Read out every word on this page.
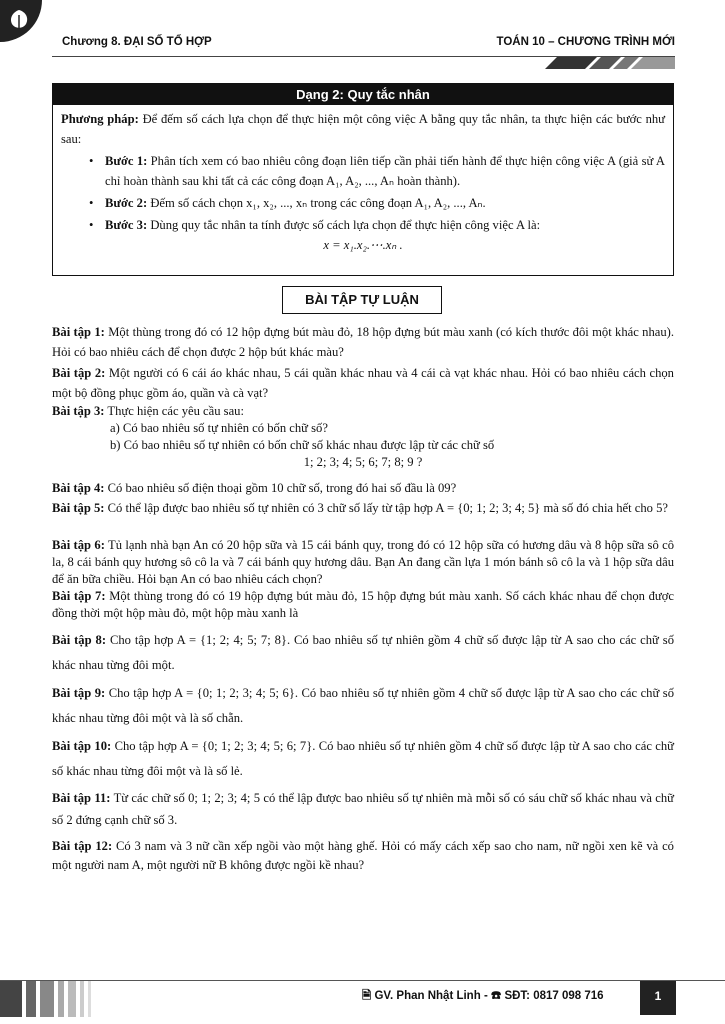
Chương 8. ĐẠI SỐ TỔ HỢP	TOÁN 10 – CHƯƠNG TRÌNH MỚI
Dạng 2: Quy tắc nhân

Phương pháp: Để đếm số cách lựa chọn để thực hiện một công việc A bằng quy tắc nhân, ta thực hiện các bước như sau:

• Bước 1: Phân tích xem có bao nhiêu công đoạn liên tiếp cần phải tiến hành để thực hiện công việc A (giả sử A chỉ hoàn thành sau khi tất cả các công đoạn A₁, A₂, ..., Aₙ hoàn thành).
• Bước 2: Đếm số cách chọn x₁, x₂, ..., xₙ trong các công đoạn A₁, A₂, ..., Aₙ.
• Bước 3: Dùng quy tắc nhân ta tính được số cách lựa chọn để thực hiện công việc A là:
x = x₁.x₂.⋯.xₙ .
BÀI TẬP TỰ LUẬN
Bài tập 1: Một thùng trong đó có 12 hộp đựng bút màu đỏ, 18 hộp đựng bút màu xanh (có kích thước đôi một khác nhau). Hỏi có bao nhiêu cách để chọn được 2 hộp bút khác màu?
Bài tập 2: Một người có 6 cái áo khác nhau, 5 cái quần khác nhau và 4 cái cà vạt khác nhau. Hỏi có bao nhiêu cách chọn một bộ đồng phục gồm áo, quần và cà vạt?
Bài tập 3: Thực hiện các yêu cầu sau:
a) Có bao nhiêu số tự nhiên có bốn chữ số?
b) Có bao nhiêu số tự nhiên có bốn chữ số khác nhau được lập từ các chữ số
1; 2; 3; 4; 5; 6; 7; 8; 9 ?
Bài tập 4: Có bao nhiêu số điện thoại gồm 10 chữ số, trong đó hai số đầu là 09?
Bài tập 5: Có thể lập được bao nhiêu số tự nhiên có 3 chữ số lấy từ tập hợp A = {0; 1; 2; 3; 4; 5} mà số đó chia hết cho 5?
Bài tập 6: Tủ lạnh nhà bạn An có 20 hộp sữa và 15 cái bánh quy, trong đó có 12 hộp sữa có hương dâu và 8 hộp sữa sô cô la, 8 cái bánh quy hương sô cô la và 7 cái bánh quy hương dâu. Bạn An đang cần lựa 1 món bánh sô cô la và 1 hộp sữa dâu để ăn bữa chiều. Hỏi bạn An có bao nhiêu cách chọn?
Bài tập 7: Một thùng trong đó có 19 hộp đựng bút màu đỏ, 15 hộp đựng bút màu xanh. Số cách khác nhau để chọn được đồng thời một hộp màu đỏ, một hộp màu xanh là
Bài tập 8: Cho tập hợp A = {1; 2; 4; 5; 7; 8}. Có bao nhiêu số tự nhiên gồm 4 chữ số được lập từ A sao cho các chữ số khác nhau từng đôi một.
Bài tập 9: Cho tập hợp A = {0; 1; 2; 3; 4; 5; 6}. Có bao nhiêu số tự nhiên gồm 4 chữ số được lập từ A sao cho các chữ số khác nhau từng đôi một và là số chẵn.
Bài tập 10: Cho tập hợp A = {0; 1; 2; 3; 4; 5; 6; 7}. Có bao nhiêu số tự nhiên gồm 4 chữ số được lập từ A sao cho các chữ số khác nhau từng đôi một và là số lẻ.
Bài tập 11: Từ các chữ số 0; 1; 2; 3; 4; 5 có thể lập được bao nhiêu số tự nhiên mà mỗi số có sáu chữ số khác nhau và chữ số 2 đứng cạnh chữ số 3.
Bài tập 12: Có 3 nam và 3 nữ cần xếp ngồi vào một hàng ghế. Hỏi có mấy cách xếp sao cho nam, nữ ngồi xen kẽ và có một người nam A, một người nữ B không được ngồi kề nhau?
🗎 GV. Phan Nhật Linh - ☎ SĐT: 0817 098 716	1
